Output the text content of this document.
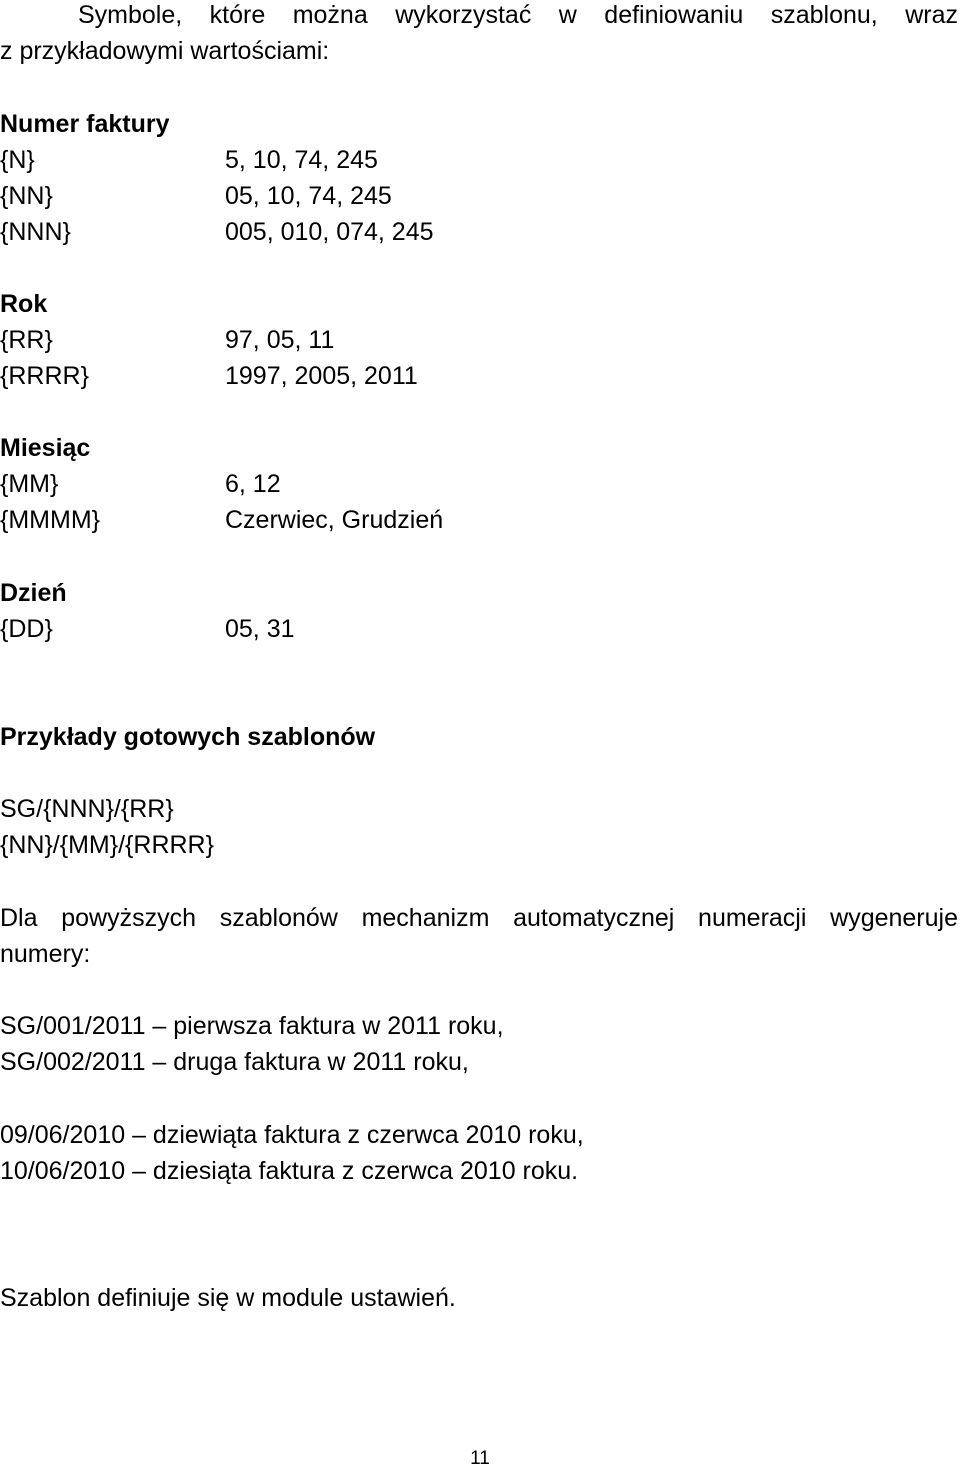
Symbole, które można wykorzystać w definiowaniu szablonu, wraz
z przykładowymi wartościami:
Numer faktury
{N}	5, 10, 74, 245
{NN}	05, 10, 74, 245
{NNN}	005, 010, 074, 245
Rok
{RR}	97, 05, 11
{RRRR}	1997, 2005, 2011
Miesiąc
{MM}	6, 12
{MMMM}	Czerwiec, Grudzień
Dzień
{DD}	05, 31
Przykłady gotowych szablonów
SG/{NNN}/{RR}
{NN}/{MM}/{RRRR}
Dla powyższych szablonów mechanizm automatycznej numeracji wygeneruje
numery:
SG/001/2011 – pierwsza faktura w 2011 roku,
SG/002/2011 – druga faktura w 2011 roku,
09/06/2010 – dziewiąta faktura z czerwca 2010 roku,
10/06/2010 – dziesiąta faktura z czerwca 2010 roku.
Szablon definiuje się w module ustawień.
11
